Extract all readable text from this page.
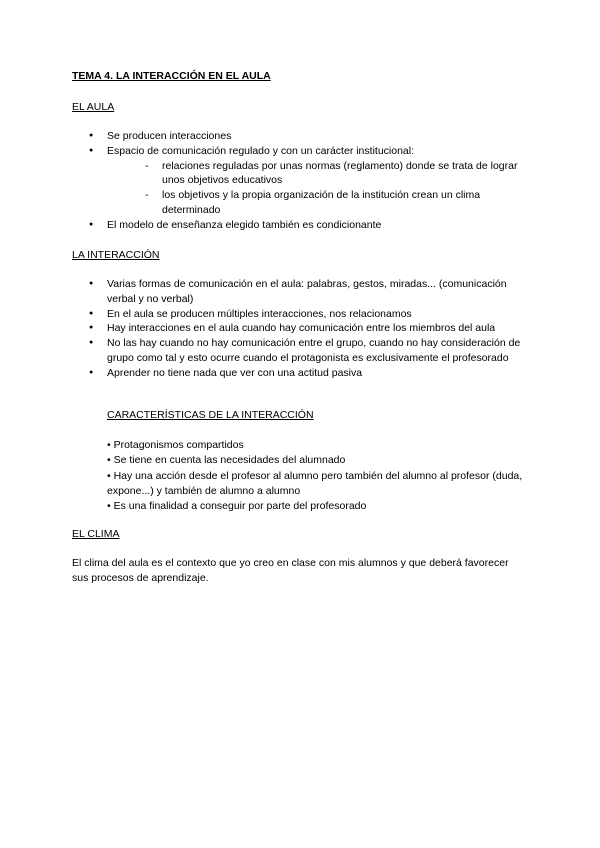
TEMA 4. LA INTERACCIÓN EN EL AULA

EL AULA

● Se producen interacciones
● Espacio de comunicación regulado y con un carácter institucional:
- relaciones reguladas por unas normas (reglamento) donde se trata de lograr unos objetivos educativos
- los objetivos y la propia organización de la institución crean un clima determinado
● El modelo de enseñanza elegido también es condicionante

LA INTERACCIÓN

● Varias formas de comunicación en el aula: palabras, gestos, miradas... (comunicación verbal y no verbal)
● En el aula se producen múltiples interacciones, nos relacionamos
● Hay interacciones en el aula cuando hay comunicación entre los miembros del aula
● No las hay cuando no hay comunicación entre el grupo, cuando no hay consideración de grupo como tal y esto ocurre cuando el protagonista es exclusivamente el profesorado
● Aprender no tiene nada que ver con una actitud pasiva

CARACTERÍSTICAS DE LA INTERACCIÓN

• Protagonismos compartidos
• Se tiene en cuenta las necesidades del alumnado
• Hay una acción desde el profesor al alumno pero también del alumno al profesor (duda, expone...) y también de alumno a alumno
• Es una finalidad a conseguir por parte del profesorado

EL CLIMA

El clima del aula es el contexto que yo creo en clase con mis alumnos y que deberá favorecer sus procesos de aprendizaje.
